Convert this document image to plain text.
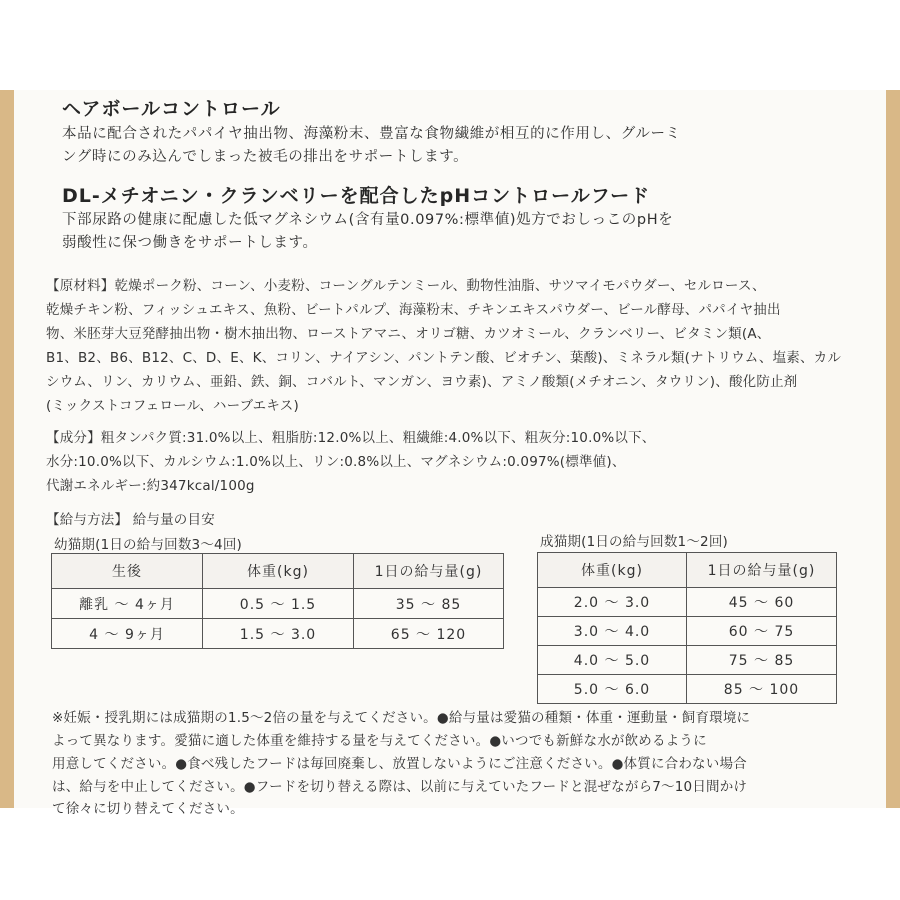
ヘアボールコントロール
本品に配合されたパパイヤ抽出物、海藻粉末、豊富な食物繊維が相互的に作用し、グルーミ
ング時にのみ込んでしまった被毛の排出をサポートします。
DL-メチオニン・クランベリーを配合したpHコントロールフード
下部尿路の健康に配慮した低マグネシウム(含有量0.097%:標準値)処方でおしっこのpHを
弱酸性に保つ働きをサポートします。
【原材料】乾燥ポーク粉、コーン、小麦粉、コーングルテンミール、動物性油脂、サツマイモパウダー、セルロース、
乾燥チキン粉、フィッシュエキス、魚粉、ビートパルプ、海藻粉末、チキンエキスパウダー、ビール酵母、パパイヤ抽出
物、米胚芽大豆発酵抽出物・樹木抽出物、ローストアマニ、オリゴ糖、カツオミール、クランベリー、ビタミン類(A、
B1、B2、B6、B12、C、D、E、K、コリン、ナイアシン、パントテン酸、ビオチン、葉酸)、ミネラル類(ナトリウム、塩素、カル
シウム、リン、カリウム、亜鉛、鉄、銅、コバルト、マンガン、ヨウ素)、アミノ酸類(メチオニン、タウリン)、酸化防止剤
(ミックストコフェロール、ハーブエキス)
【成分】粗タンパク質:31.0%以上、粗脂肪:12.0%以上、粗繊維:4.0%以下、粗灰分:10.0%以下、
水分:10.0%以下、カルシウム:1.0%以上、リン:0.8%以上、マグネシウム:0.097%(標準値)、
代謝エネルギー:約347kcal/100g
【給与方法】 給与量の目安
幼猫期(1日の給与回数3〜4回)
生後	体重(kg)	1日の給与量(g)
離乳 〜 4ヶ月	0.5 〜 1.5	35 〜 85
4 〜 9ヶ月	1.5 〜 3.0	65 〜 120
成猫期(1日の給与回数1〜2回)
体重(kg)	1日の給与量(g)
2.0 〜 3.0	45 〜 60
3.0 〜 4.0	60 〜 75
4.0 〜 5.0	75 〜 85
5.0 〜 6.0	85 〜 100
※妊娠・授乳期には成猫期の1.5〜2倍の量を与えてください。●給与量は愛猫の種類・体重・運動量・飼育環境に
よって異なります。愛猫に適した体重を維持する量を与えてください。●いつでも新鮮な水が飲めるように
用意してください。●食べ残したフードは毎回廃棄し、放置しないようにご注意ください。●体質に合わない場合
は、給与を中止してください。●フードを切り替える際は、以前に与えていたフードと混ぜながら7〜10日間かけ
て徐々に切り替えてください。
